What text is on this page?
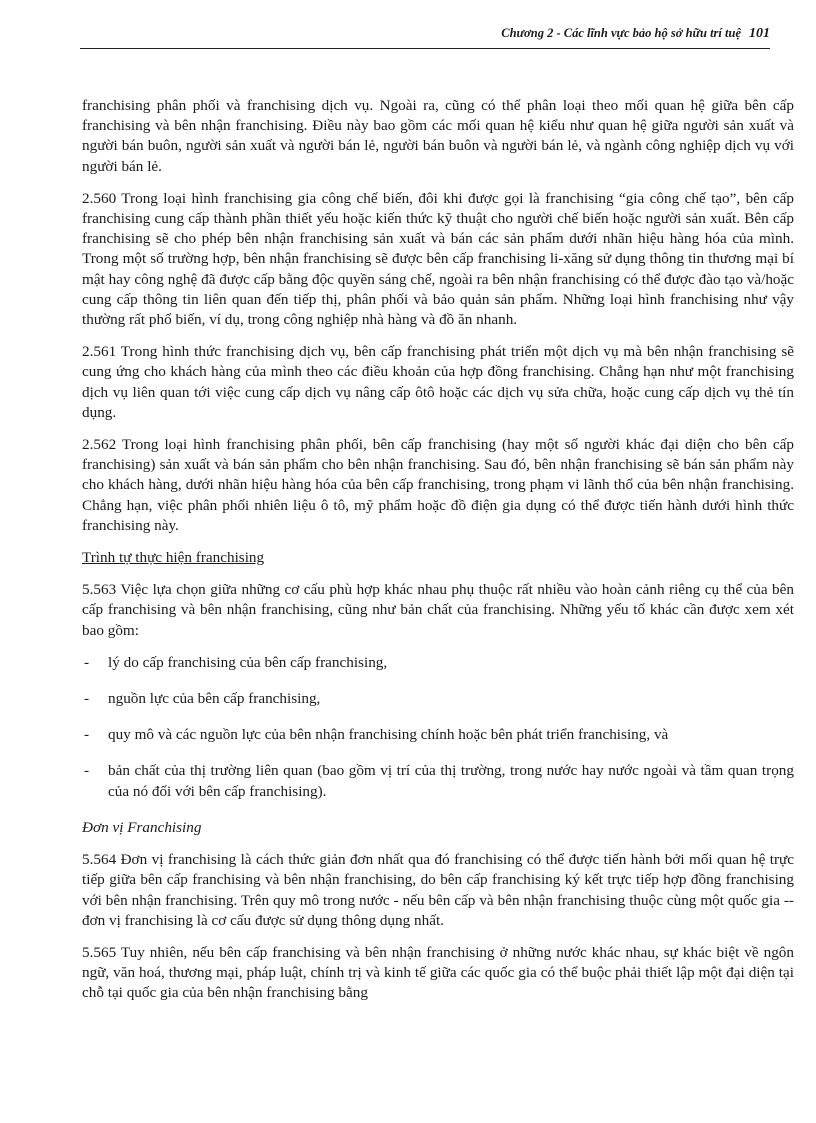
Chương 2 - Các lĩnh vực bảo hộ sở hữu trí tuệ 101

franchising phân phối và franchising dịch vụ. Ngoài ra, cũng có thể phân loại theo mối quan hệ giữa bên cấp franchising và bên nhận franchising. Điều này bao gồm các mối quan hệ kiểu như quan hệ giữa người sản xuất và người bán buôn, người sản xuất và người bán lẻ, người bán buôn và người bán lẻ, và ngành công nghiệp dịch vụ với người bán lẻ.

2.560 Trong loại hình franchising gia công chế biến, đôi khi được gọi là franchising “gia công chế tạo”, bên cấp franchising cung cấp thành phần thiết yếu hoặc kiến thức kỹ thuật cho người chế biến hoặc người sản xuất. Bên cấp franchising sẽ cho phép bên nhận franchising sản xuất và bán các sản phẩm dưới nhãn hiệu hàng hóa của mình. Trong một số trường hợp, bên nhận franchising sẽ được bên cấp franchising li-xăng sử dụng thông tin thương mại bí mật hay công nghệ đã được cấp bằng độc quyền sáng chế, ngoài ra bên nhận franchising có thể được đào tạo và/hoặc cung cấp thông tin liên quan đến tiếp thị, phân phối và bảo quản sản phẩm. Những loại hình franchising như vậy thường rất phổ biến, ví dụ, trong công nghiệp nhà hàng và đồ ăn nhanh.

2.561 Trong hình thức franchising dịch vụ, bên cấp franchising phát triển một dịch vụ mà bên nhận franchising sẽ cung ứng cho khách hàng của mình theo các điều khoản của hợp đồng franchising. Chẳng hạn như một franchising dịch vụ liên quan tới việc cung cấp dịch vụ nâng cấp ôtô hoặc các dịch vụ sửa chữa, hoặc cung cấp dịch vụ thẻ tín dụng.

2.562 Trong loại hình franchising phân phối, bên cấp franchising (hay một số người khác đại diện cho bên cấp franchising) sản xuất và bán sản phẩm cho bên nhận franchising. Sau đó, bên nhận franchising sẽ bán sản phẩm này cho khách hàng, dưới nhãn hiệu hàng hóa của bên cấp franchising, trong phạm vi lãnh thổ của bên nhận franchising. Chẳng hạn, việc phân phối nhiên liệu ô tô, mỹ phẩm hoặc đồ điện gia dụng có thể được tiến hành dưới hình thức franchising này.

Trình tự thực hiện franchising

5.563 Việc lựa chọn giữa những cơ cấu phù hợp khác nhau phụ thuộc rất nhiều vào hoàn cảnh riêng cụ thể của bên cấp franchising và bên nhận franchising, cũng như bản chất của franchising. Những yếu tố khác cần được xem xét bao gồm:

- lý do cấp franchising của bên cấp franchising,
- nguồn lực của bên cấp franchising,
- quy mô và các nguồn lực của bên nhận franchising chính hoặc bên phát triển franchising, và
- bản chất của thị trường liên quan (bao gồm vị trí của thị trường, trong nước hay nước ngoài và tầm quan trọng của nó đối với bên cấp franchising).

Đơn vị Franchising

5.564 Đơn vị franchising là cách thức giản đơn nhất qua đó franchising có thể được tiến hành bởi mối quan hệ trực tiếp giữa bên cấp franchising và bên nhận franchising, do bên cấp franchising ký kết trực tiếp hợp đồng franchising với bên nhận franchising. Trên quy mô trong nước - nếu bên cấp và bên nhận franchising thuộc cùng một quốc gia -- đơn vị franchising là cơ cấu được sử dụng thông dụng nhất.

5.565 Tuy nhiên, nếu bên cấp franchising và bên nhận franchising ở những nước khác nhau, sự khác biệt về ngôn ngữ, văn hoá, thương mại, pháp luật, chính trị và kinh tế giữa các quốc gia có thể buộc phải thiết lập một đại diện tại chỗ tại quốc gia của bên nhận franchising bằng
